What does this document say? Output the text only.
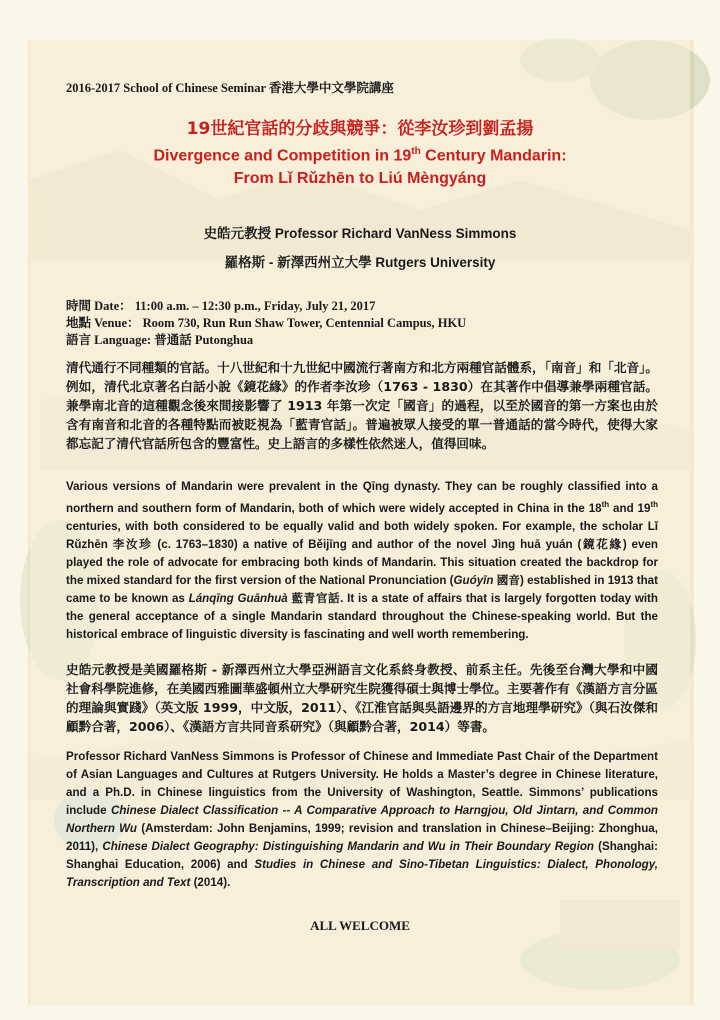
2016-2017 School of Chinese Seminar 香港大學中文學院講座
19世紀官話的分歧與競爭：從李汝珍到劉孟揚
Divergence and Competition in 19th Century Mandarin:
From Lǐ Rǔzhēn to Liú Mèngyáng
史皓元教授 Professor Richard VanNess Simmons
羅格斯 - 新澤西州立大學 Rutgers University
時間 Date： 11:00 a.m. – 12:30 p.m., Friday, July 21, 2017
地點 Venue： Room 730, Run Run Shaw Tower, Centennial Campus, HKU
語言 Language: 普通話 Putonghua
清代通行不同種類的官話。十八世紀和十九世紀中國流行著南方和北方兩種官話體系，「南音」和「北音」。例如，清代北京著名白話小說《鏡花緣》的作者李汝珍（1763 - 1830）在其著作中倡導兼學兩種官話。兼學南北音的這種觀念後來間接影響了 1913 年第一次定「國音」的過程，以至於國音的第一方案也由於含有南音和北音的各種特點而被貶視為「藍青官話」。普遍被眾人接受的單一普通話的當今時代，使得大家都忘記了清代官話所包含的豐富性。史上語言的多樣性依然迷人，值得回味。
Various versions of Mandarin were prevalent in the Qīng dynasty. They can be roughly classified into a northern and southern form of Mandarin, both of which were widely accepted in China in the 18th and 19th centuries, with both considered to be equally valid and both widely spoken. For example, the scholar Lǐ Rǔzhēn 李汝珍 (c. 1763–1830) a native of Běijīng and author of the novel Jìng huā yuán (鏡花緣) even played the role of advocate for embracing both kinds of Mandarin. This situation created the backdrop for the mixed standard for the first version of the National Pronunciation (Guóyīn 國音) established in 1913 that came to be known as Lánqīng Guānhuà 藍青官話. It is a state of affairs that is largely forgotten today with the general acceptance of a single Mandarin standard throughout the Chinese-speaking world. But the historical embrace of linguistic diversity is fascinating and well worth remembering.
史皓元教授是美國羅格斯 - 新澤西州立大學亞洲語言文化系終身教授、前系主任。先後至台灣大學和中國社會科學院進修，在美國西雅圖華盛頓州立大學研究生院獲得碩士與博士學位。主要著作有《漢語方言分區的理論與實踐》（英文版 1999，中文版，2011）、《江淮官話與吳語邊界的方言地理學研究》（與石汝傑和顧黔合著，2006）、《漢語方言共同音系研究》（與顧黔合著，2014）等書。
Professor Richard VanNess Simmons is Professor of Chinese and Immediate Past Chair of the Department of Asian Languages and Cultures at Rutgers University. He holds a Master’s degree in Chinese literature, and a Ph.D. in Chinese linguistics from the University of Washington, Seattle. Simmons’ publications include Chinese Dialect Classification -- A Comparative Approach to Harngjou, Old Jintarn, and Common Northern Wu (Amsterdam: John Benjamins, 1999; revision and translation in Chinese–Beijing: Zhonghua, 2011), Chinese Dialect Geography: Distinguishing Mandarin and Wu in Their Boundary Region (Shanghai: Shanghai Education, 2006) and Studies in Chinese and Sino-Tibetan Linguistics: Dialect, Phonology, Transcription and Text (2014).
ALL WELCOME
